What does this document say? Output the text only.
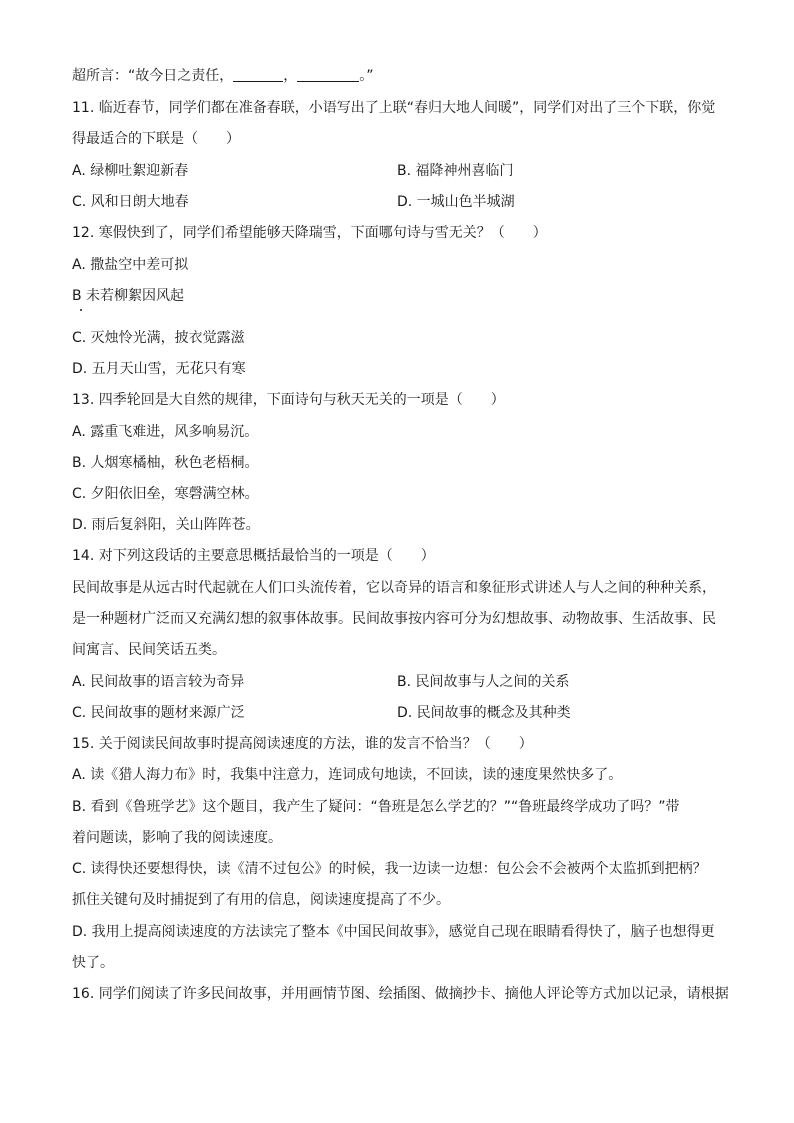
超所言：“故今日之责任，	，	。”
11. 临近春节，同学们都在准备春联，小语写出了上联“春归大地人间暖”，同学们对出了三个下联，你觉
得最适合的下联是（　　）
A. 绿柳吐絮迎新春	B. 福降神州喜临门
C. 风和日朗大地春	D. 一城山色半城湖
12. 寒假快到了，同学们希望能够天降瑞雪，下面哪句诗与雪无关？（　　）
A. 撒盐空中差可拟
B 未若柳絮因风起
C. 灭烛怜光满，披衣觉露滋
D. 五月天山雪，无花只有寒
13. 四季轮回是大自然的规律，下面诗句与秋天无关的一项是（　　）
A. 露重飞难进，风多响易沉。
B. 人烟寒橘柚，秋色老梧桐。
C. 夕阳依旧垒，寒磬满空林。
D. 雨后复斜阳，关山阵阵苍。
14. 对下列这段话的主要意思概括最恰当的一项是（　　）
民间故事是从远古时代起就在人们口头流传着，它以奇异的语言和象征形式讲述人与人之间的种种关系，
是一种题材广泛而又充满幻想的叙事体故事。民间故事按内容可分为幻想故事、动物故事、生活故事、民
间寓言、民间笑话五类。
A. 民间故事的语言较为奇异	B. 民间故事与人之间的关系
C. 民间故事的题材来源广泛	D. 民间故事的概念及其种类
15. 关于阅读民间故事时提高阅读速度的方法，谁的发言不恰当？（　　）
A. 读《猎人海力布》时，我集中注意力，连词成句地读，不回读，读的速度果然快多了。
B. 看到《鲁班学艺》这个题目，我产生了疑问：“鲁班是怎么学艺的？”“鲁班最终学成功了吗？”带
着问题读，影响了我的阅读速度。
C. 读得快还要想得快，读《清不过包公》的时候，我一边读一边想：包公会不会被两个太监抓到把柄？
抓住关键句及时捕捉到了有用的信息，阅读速度提高了不少。
D. 我用上提高阅读速度的方法读完了整本《中国民间故事》，感觉自己现在眼睛看得快了，脑子也想得更
快了。
16. 同学们阅读了许多民间故事，并用画情节图、绘插图、做摘抄卡、摘他人评论等方式加以记录，请根据
